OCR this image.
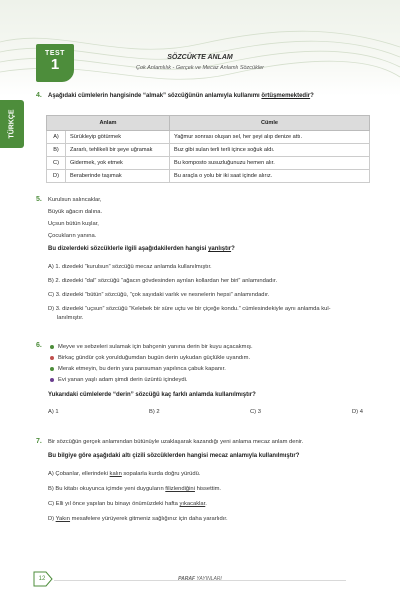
TEST
1	SÖZCÜKTE ANLAM
Çok Anlamlılık - Gerçek ve Mecaz Anlamlı Sözcükler
TÜRKÇE
4. Aşağıdaki cümlelerin hangisinde “almak” sözcüğünün anlamıyla kullanımı örtüşmemektedir?
Anlam		Cümle
A)	Sürükleyip götürmek	Yağmur sonrası oluşan sel, her şeyi alıp denize attı.
B)	Zararlı, tehlikeli bir şeye uğramak	Buz gibi sulan terli terli içince soğuk aldı.
C)	Gidermek, yok etmek	Bu komposto susuzluğunuzu hemen alır.
D)	Beraberinde taşımak	Bu araçla o yolu bir iki saat içinde alırız.
5. Kurulsun salıncaklar,
Büyük ağacın dalına.
Uçsun bütün kuşlar,
Çocukların yanına.
Bu dizelerdeki sözcüklerle ilgili aşağıdakilerden hangisi yanlıştır?
A) 1. dizedeki “kurulsun” sözcüğü mecaz anlamda kullanılmıştır.
B) 2. dizedeki “dal” sözcüğü “ağacın gövdesinden ayrılan kollardan her biri” anlamındadır.
C) 3. dizedeki “bütün” sözcüğü, “çok sayıdaki varlık ve nesnelerin hepsi” anlamındadır.
D) 3. dizedeki “uçsun” sözcüğü “Kelebek bir süre uçtu ve bir çiçeğe kondu.” cümlesindekiyle aynı anlamda kul-
lanılmıştır.
6.	Meyve ve sebzeleri sulamak için bahçenin yanına derin bir kuyu açacakmış.
Birkaç gündür çok yorulduğumdan bugün derin uykudan güçlükle uyandım.
Merak etmeyin, bu derin yara pansuman yapılınca çabuk kapanır.
Evi yanan yaşlı adam şimdi derin üzüntü içindeydi.
Yukarıdaki cümlelerde “derin” sözcüğü kaç farklı anlamda kullanılmıştır?
A) 1	B) 2	C) 3	D) 4
7. Bir sözcüğün gerçek anlamından bütünüyle uzaklaşarak kazandığı yeni anlama mecaz anlam denir.
Bu bilgiye göre aşağıdaki altı çizili sözcüklerden hangisi mecaz anlamıyla kullanılmıştır?
A) Çobanlar, ellerindeki kalın sopalarla kurda doğru yürüdü.
B) Bu kitabı okuyunca içimde yeni duyguların filizlendiğini hissettim.
C) Elli yıl önce yapılan bu binayı önümüzdeki hafta yıkacaklar.
D) Yakın mesafelere yürüyerek gitmeniz sağlığınız için daha yararlıdır.
12	PARAF YAYINLARI
